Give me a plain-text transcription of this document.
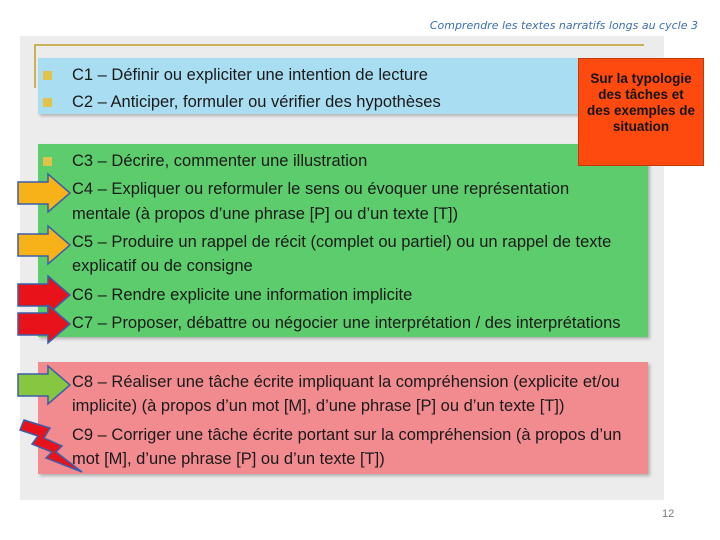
Comprendre les textes narratifs longs au cycle 3
C1 – Définir ou expliciter une intention de lecture
C2 – Anticiper, formuler ou vérifier des hypothèses
C3 – Décrire, commenter une illustration
C4 – Expliquer ou reformuler le sens ou évoquer une représentation
mentale (à propos d’une phrase [P] ou d’un texte [T])
C5 – Produire un rappel de récit (complet ou partiel) ou un rappel de texte
explicatif ou de consigne
C6 – Rendre explicite une information implicite
C7 – Proposer, débattre ou négocier une interprétation / des interprétations
C8 – Réaliser une tâche écrite impliquant la compréhension (explicite et/ou
implicite) (à propos d’un mot [M], d’une phrase [P] ou d’un texte [T])
C9 – Corriger une tâche écrite portant sur la compréhension (à propos d’un
mot [M], d’une phrase [P] ou d’un texte [T])
Sur la typologie des tâches et des exemples de situation
12
